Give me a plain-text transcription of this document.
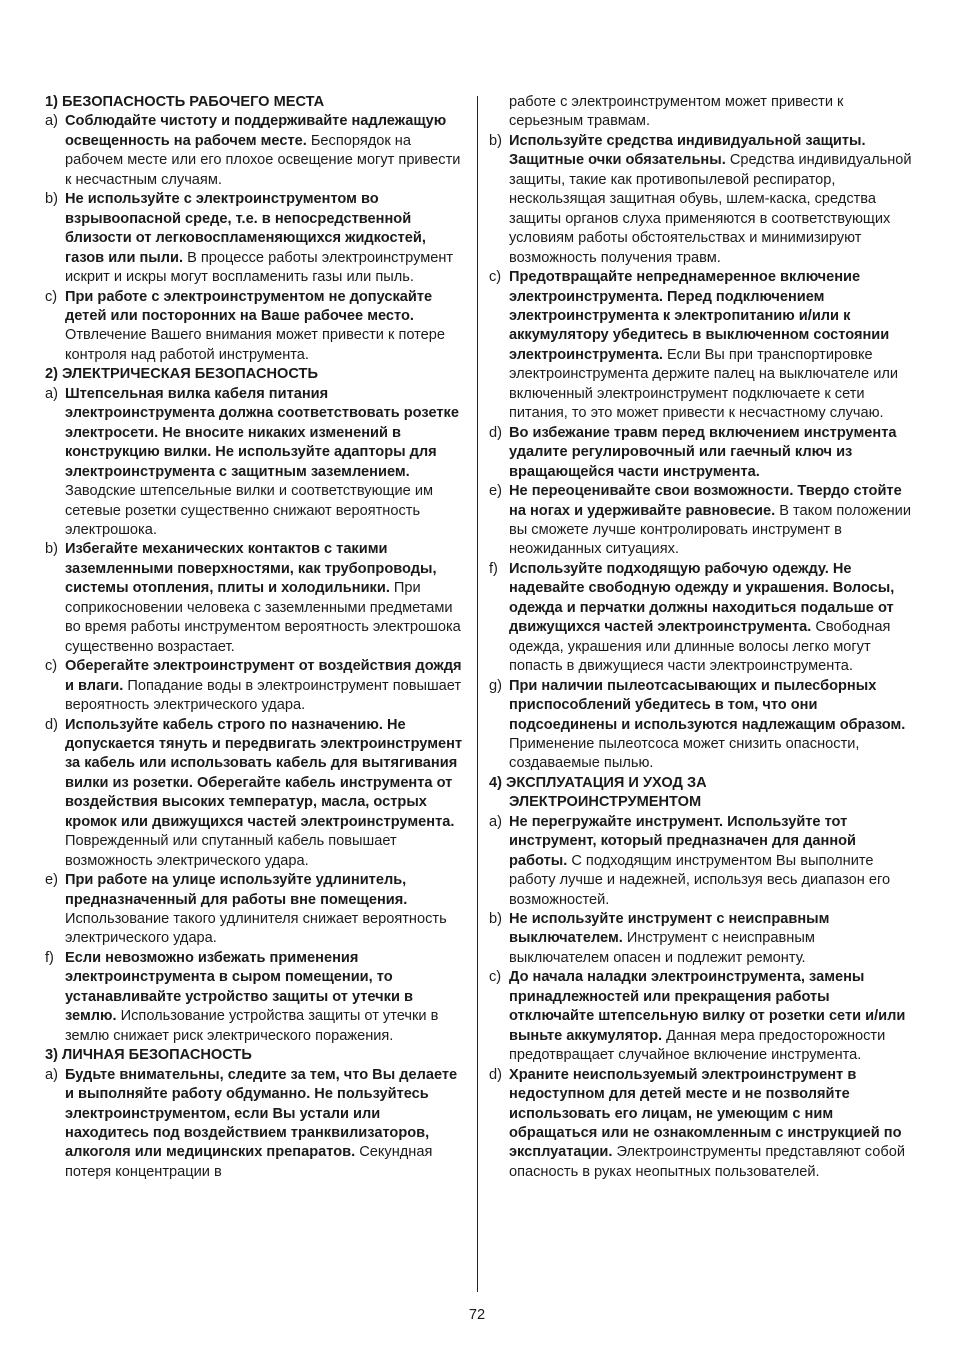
1) БЕЗОПАСНОСТЬ РАБОЧЕГО МЕСТА
a) Соблюдайте чистоту и поддерживайте надлежащую освещенность на рабочем месте. Беспорядок на рабочем месте или его плохое освещение могут привести к несчастным случаям.
b) Не используйте с электроинструментом во взрывоопасной среде, т.е. в непосредственной близости от легковоспламеняющихся жидкостей, газов или пыли. В процессе работы электроинструмент искрит и искры могут воспламенить газы или пыль.
c) При работе с электроинструментом не допускайте детей или посторонних на Ваше рабочее место. Отвлечение Вашего внимания может привести к потере контроля над работой инструмента.
2) ЭЛЕКТРИЧЕСКАЯ БЕЗОПАСНОСТЬ
a) Штепсельная вилка кабеля питания электроинструмента должна соответствовать розетке электросети. Не вносите никаких изменений в конструкцию вилки. Не используйте адапторы для электроинструмента с защитным заземлением. Заводские штепсельные вилки и соответствующие им сетевые розетки существенно снижают вероятность электрошока.
b) Избегайте механических контактов с такими заземленными поверхностями, как трубопроводы, системы отопления, плиты и холодильники. При соприкосновении человека с заземленными предметами во время работы инструментом вероятность электрошока существенно возрастает.
c) Оберегайте электроинструмент от воздействия дождя и влаги. Попадание воды в электроинструмент повышает вероятность электрического удара.
d) Используйте кабель строго по назначению. Не допускается тянуть и передвигать электроинструмент за кабель или использовать кабель для вытягивания вилки из розетки. Оберегайте кабель инструмента от воздействия высоких температур, масла, острых кромок или движущихся частей электроинструмента. Поврежденный или спутанный кабель повышает возможность электрического удара.
e) При работе на улице используйте удлинитель, предназначенный для работы вне помещения. Использование такого удлинителя снижает вероятность электрического удара.
f) Если невозможно избежать применения электроинструмента в сыром помещении, то устанавливайте устройство защиты от утечки в землю. Использование устройства защиты от утечки в землю снижает риск электрического поражения.
3) ЛИЧНАЯ БЕЗОПАСНОСТЬ
a) Будьте внимательны, следите за тем, что Вы делаете и выполняйте работу обдуманно. Не пользуйтесь электроинструментом, если Вы устали или находитесь под воздействием транквилизаторов, алкоголя или медицинских препаратов. Секундная потеря концентрации в
работе с электроинструментом может привести к серьезным травмам.
b) Используйте средства индивидуальной защиты. Защитные очки обязательны. Средства индивидуальной защиты, такие как противопылевой респиратор, нескользящая защитная обувь, шлем-каска, средства защиты органов слуха применяются в соответствующих условиям работы обстоятельствах и минимизируют возможность получения травм.
c) Предотвращайте непреднамеренное включение электроинструмента. Перед подключением электроинструмента к электропитанию и/или к аккумулятору убедитесь в выключенном состоянии электроинструмента. Если Вы при транспортировке электроинструмента держите палец на выключателе или включенный электроинструмент подключаете к сети питания, то это может привести к несчастному случаю.
d) Во избежание травм перед включением инструмента удалите регулировочный или гаечный ключ из вращающейся части инструмента.
e) Не переоценивайте свои возможности. Твердо стойте на ногах и удерживайте равновесие. В таком положении вы сможете лучше контролировать инструмент в неожиданных ситуациях.
f) Используйте подходящую рабочую одежду. Не надевайте свободную одежду и украшения. Волосы, одежда и перчатки должны находиться подальше от движущихся частей электроинструмента. Свободная одежда, украшения или длинные волосы легко могут попасть в движущиеся части электроинструмента.
g) При наличии пылеотсасывающих и пылесборных приспособлений убедитесь в том, что они подсоединены и используются надлежащим образом. Применение пылеотсоса может снизить опасности, создаваемые пылью.
4) ЭКСПЛУАТАЦИЯ И УХОД ЗА
ЭЛЕКТРОИНСТРУМЕНТОМ
a) Не перегружайте инструмент. Используйте тот инструмент, который предназначен для данной работы. С подходящим инструментом Вы выполните работу лучше и надежней, используя весь диапазон его возможностей.
b) Не используйте инструмент с неисправным выключателем. Инструмент с неисправным выключателем опасен и подлежит ремонту.
c) До начала наладки электроинструмента, замены принадлежностей или прекращения работы отключайте штепсельную вилку от розетки сети и/или выньте аккумулятор. Данная мера предосторожности предотвращает случайное включение инструмента.
d) Храните неиспользуемый электроинструмент в недоступном для детей месте и не позволяйте использовать его лицам, не умеющим с ним обращаться или не ознакомленным с инструкцией по эксплуатации. Электроинструменты представляют собой опасность в руках неопытных пользователей.
72
